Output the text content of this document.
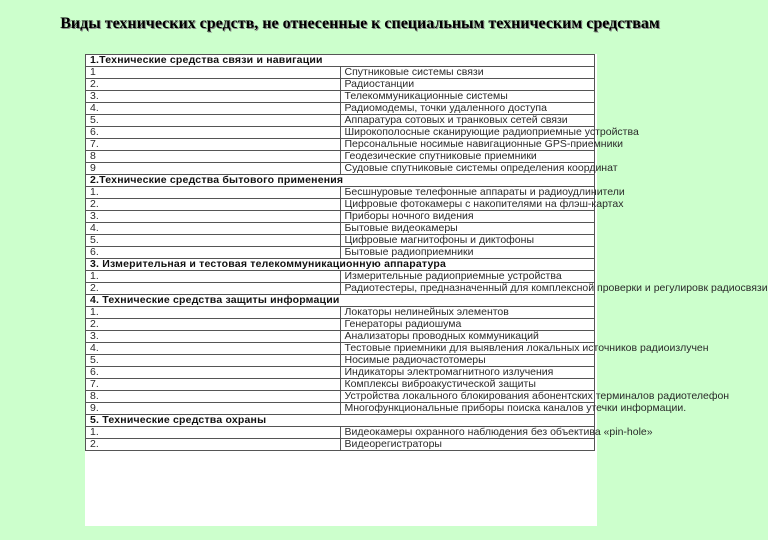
Виды технических средств, не отнесенные к специальным техническим средствам
1.Технические средства связи и навигации	
1	Спутниковые системы связи
2.	Радиостанции
3.	Телекоммуникационные системы
4.	Радиомодемы, точки удаленного доступа
5.	Аппаратура сотовых и транковых сетей связи
6.	Широкополосные сканирующие радиоприемные устройства
7.	Персональные носимые навигационные GPS-приемники
8	Геодезические спутниковые приемники
9	Судовые спутниковые системы определения координат
2.Технические средства бытового применения	
1.	Бесшнуровые телефонные аппараты и радиоудлинители
2.	Цифровые фотокамеры с накопителями на флэш-картах
3.	Приборы ночного видения
4.	Бытовые видеокамеры
5.	Цифровые магнитофоны и диктофоны
6.	Бытовые радиоприемники
3. Измерительная и тестовая телекоммуникационную аппаратура	
1.	Измерительные радиоприемные устройства
2.	Радиотестеры, предназначенный для комплексной проверки и регулировк радиосвязи
4. Технические средства защиты информации	
1.	Локаторы нелинейных элементов
2.	Генераторы радиошума
3.	Анализаторы проводных коммуникаций
4.	Тестовые приемники для выявления локальных источников радиоизлучен
5.	Носимые радиочастотомеры
6.	Индикаторы электромагнитного излучения
7.	Комплексы виброакустической защиты
8.	Устройства локального блокирования абонентских терминалов радиотелефон
9.	Многофункциональные приборы поиска каналов утечки информации.
5. Технические средства охраны	
1.	Видеокамеры охранного наблюдения без объектива «pin-hole»
2.	Видеорегистраторы
